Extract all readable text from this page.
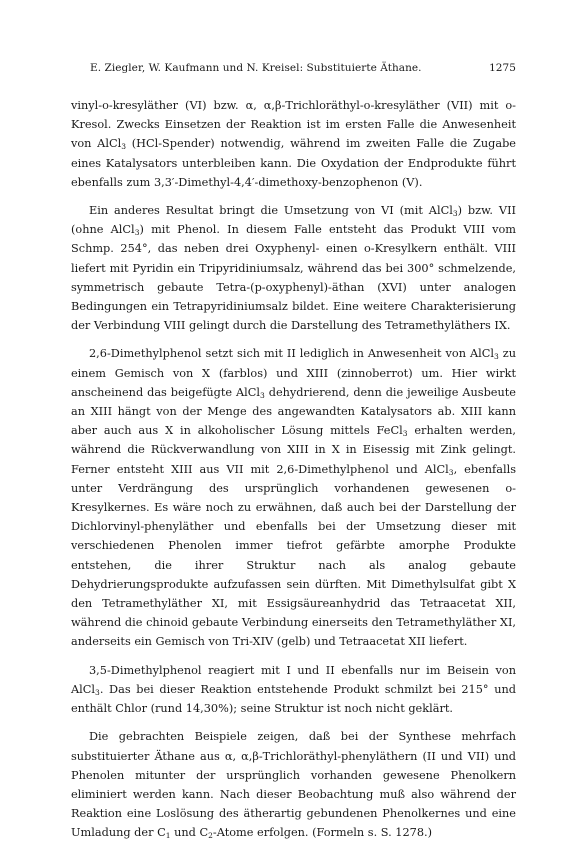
E. Ziegler, W. Kaufmann und N. Kreisel: Substituierte Äthane.	1275

vinyl-o-kresyläther (VI) bzw. α, α,β-Trichloräthyl-o-kresyläther (VII) mit o-Kresol. Zwecks Einsetzen der Reaktion ist im ersten Falle die Anwesenheit von AlCl$_3$ (HCl-Spender) notwendig, während im zweiten Falle die Zugabe eines Katalysators unterbleiben kann. Die Oxydation der Endprodukte führt ebenfalls zum 3,3′-Dimethyl-4,4′-dimethoxy-benzophenon (V).

Ein anderes Resultat bringt die Umsetzung von VI (mit AlCl$_3$) bzw. VII (ohne AlCl$_3$) mit Phenol. In diesem Falle entsteht das Produkt VIII vom Schmp. 254°, das neben drei Oxyphenyl- einen o-Kresylkern enthält. VIII liefert mit Pyridin ein Tripyridiniumsalz, während das bei 300° schmelzende, symmetrisch gebaute Tetra-(p-oxyphenyl)-äthan (XVI) unter analogen Bedingungen ein Tetrapyridiniumsalz bildet. Eine weitere Charakterisierung der Verbindung VIII gelingt durch die Darstellung des Tetramethyläthers IX.

2,6-Dimethylphenol setzt sich mit II lediglich in Anwesenheit von AlCl$_3$ zu einem Gemisch von X (farblos) und XIII (zinnoberrot) um. Hier wirkt anscheinend das beigefügte AlCl$_3$ dehydrierend, denn die jeweilige Ausbeute an XIII hängt von der Menge des angewandten Katalysators ab. XIII kann aber auch aus X in alkoholischer Lösung mittels FeCl$_3$ erhalten werden, während die Rückverwandlung von XIII in X in Eisessig mit Zink gelingt. Ferner entsteht XIII aus VII mit 2,6-Dimethylphenol und AlCl$_3$, ebenfalls unter Verdrängung des ursprünglich vorhandenen gewesenen o-Kresylkernes. Es wäre noch zu erwähnen, daß auch bei der Darstellung der Dichlorvinyl-phenyläther und ebenfalls bei der Umsetzung dieser mit verschiedenen Phenolen immer tiefrot gefärbte amorphe Produkte entstehen, die ihrer Struktur nach als analog gebaute Dehydrierungsprodukte aufzufassen sein dürften. Mit Dimethylsulfat gibt X den Tetramethyläther XI, mit Essigsäureanhydrid das Tetraacetat XII, während die chinoid gebaute Verbindung einerseits den Tetramethyläther XI, anderseits ein Gemisch von Tri-XIV (gelb) und Tetraacetat XII liefert.

3,5-Dimethylphenol reagiert mit I und II ebenfalls nur im Beisein von AlCl$_3$. Das bei dieser Reaktion entstehende Produkt schmilzt bei 215° und enthält Chlor (rund 14,30%); seine Struktur ist noch nicht geklärt.

Die gebrachten Beispiele zeigen, daß bei der Synthese mehrfach substituierter Äthane aus α, α,β-Trichloräthyl-phenyläthern (II und VII) und Phenolen mitunter der ursprünglich vorhanden gewesene Phenolkern eliminiert werden kann. Nach dieser Beobachtung muß also während der Reaktion eine Loslösung des ätherartig gebundenen Phenolkernes und eine Umladung der $C_1$ und $C_2$-Atome erfolgen. (Formeln s. S. 1278.)
